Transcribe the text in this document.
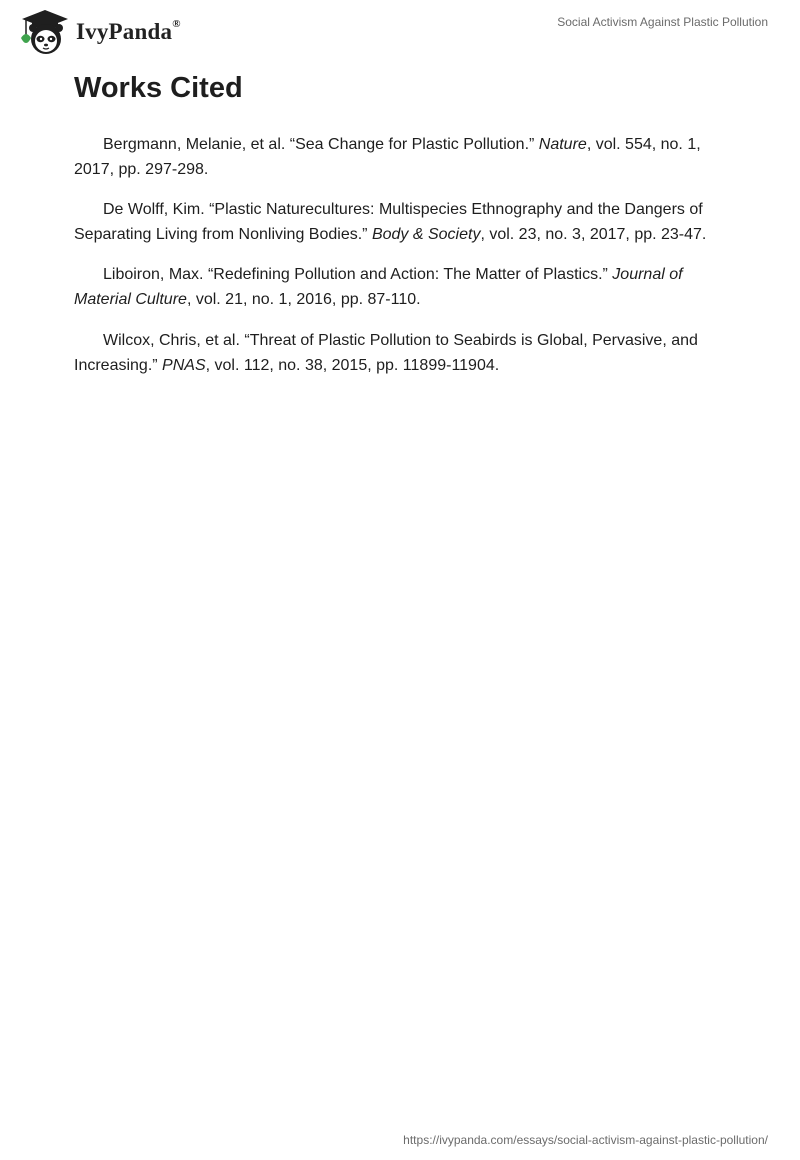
IvyPanda®	Social Activism Against Plastic Pollution
Works Cited

Bergmann, Melanie, et al. “Sea Change for Plastic Pollution.” Nature, vol. 554, no. 1, 2017, pp. 297-298.

De Wolff, Kim. “Plastic Naturecultures: Multispecies Ethnography and the Dangers of Separating Living from Nonliving Bodies.” Body & Society, vol. 23, no. 3, 2017, pp. 23-47.

Liboiron, Max. “Redefining Pollution and Action: The Matter of Plastics.” Journal of Material Culture, vol. 21, no. 1, 2016, pp. 87-110.

Wilcox, Chris, et al. “Threat of Plastic Pollution to Seabirds is Global, Pervasive, and Increasing.” PNAS, vol. 112, no. 38, 2015, pp. 11899-11904.

https://ivypanda.com/essays/social-activism-against-plastic-pollution/
